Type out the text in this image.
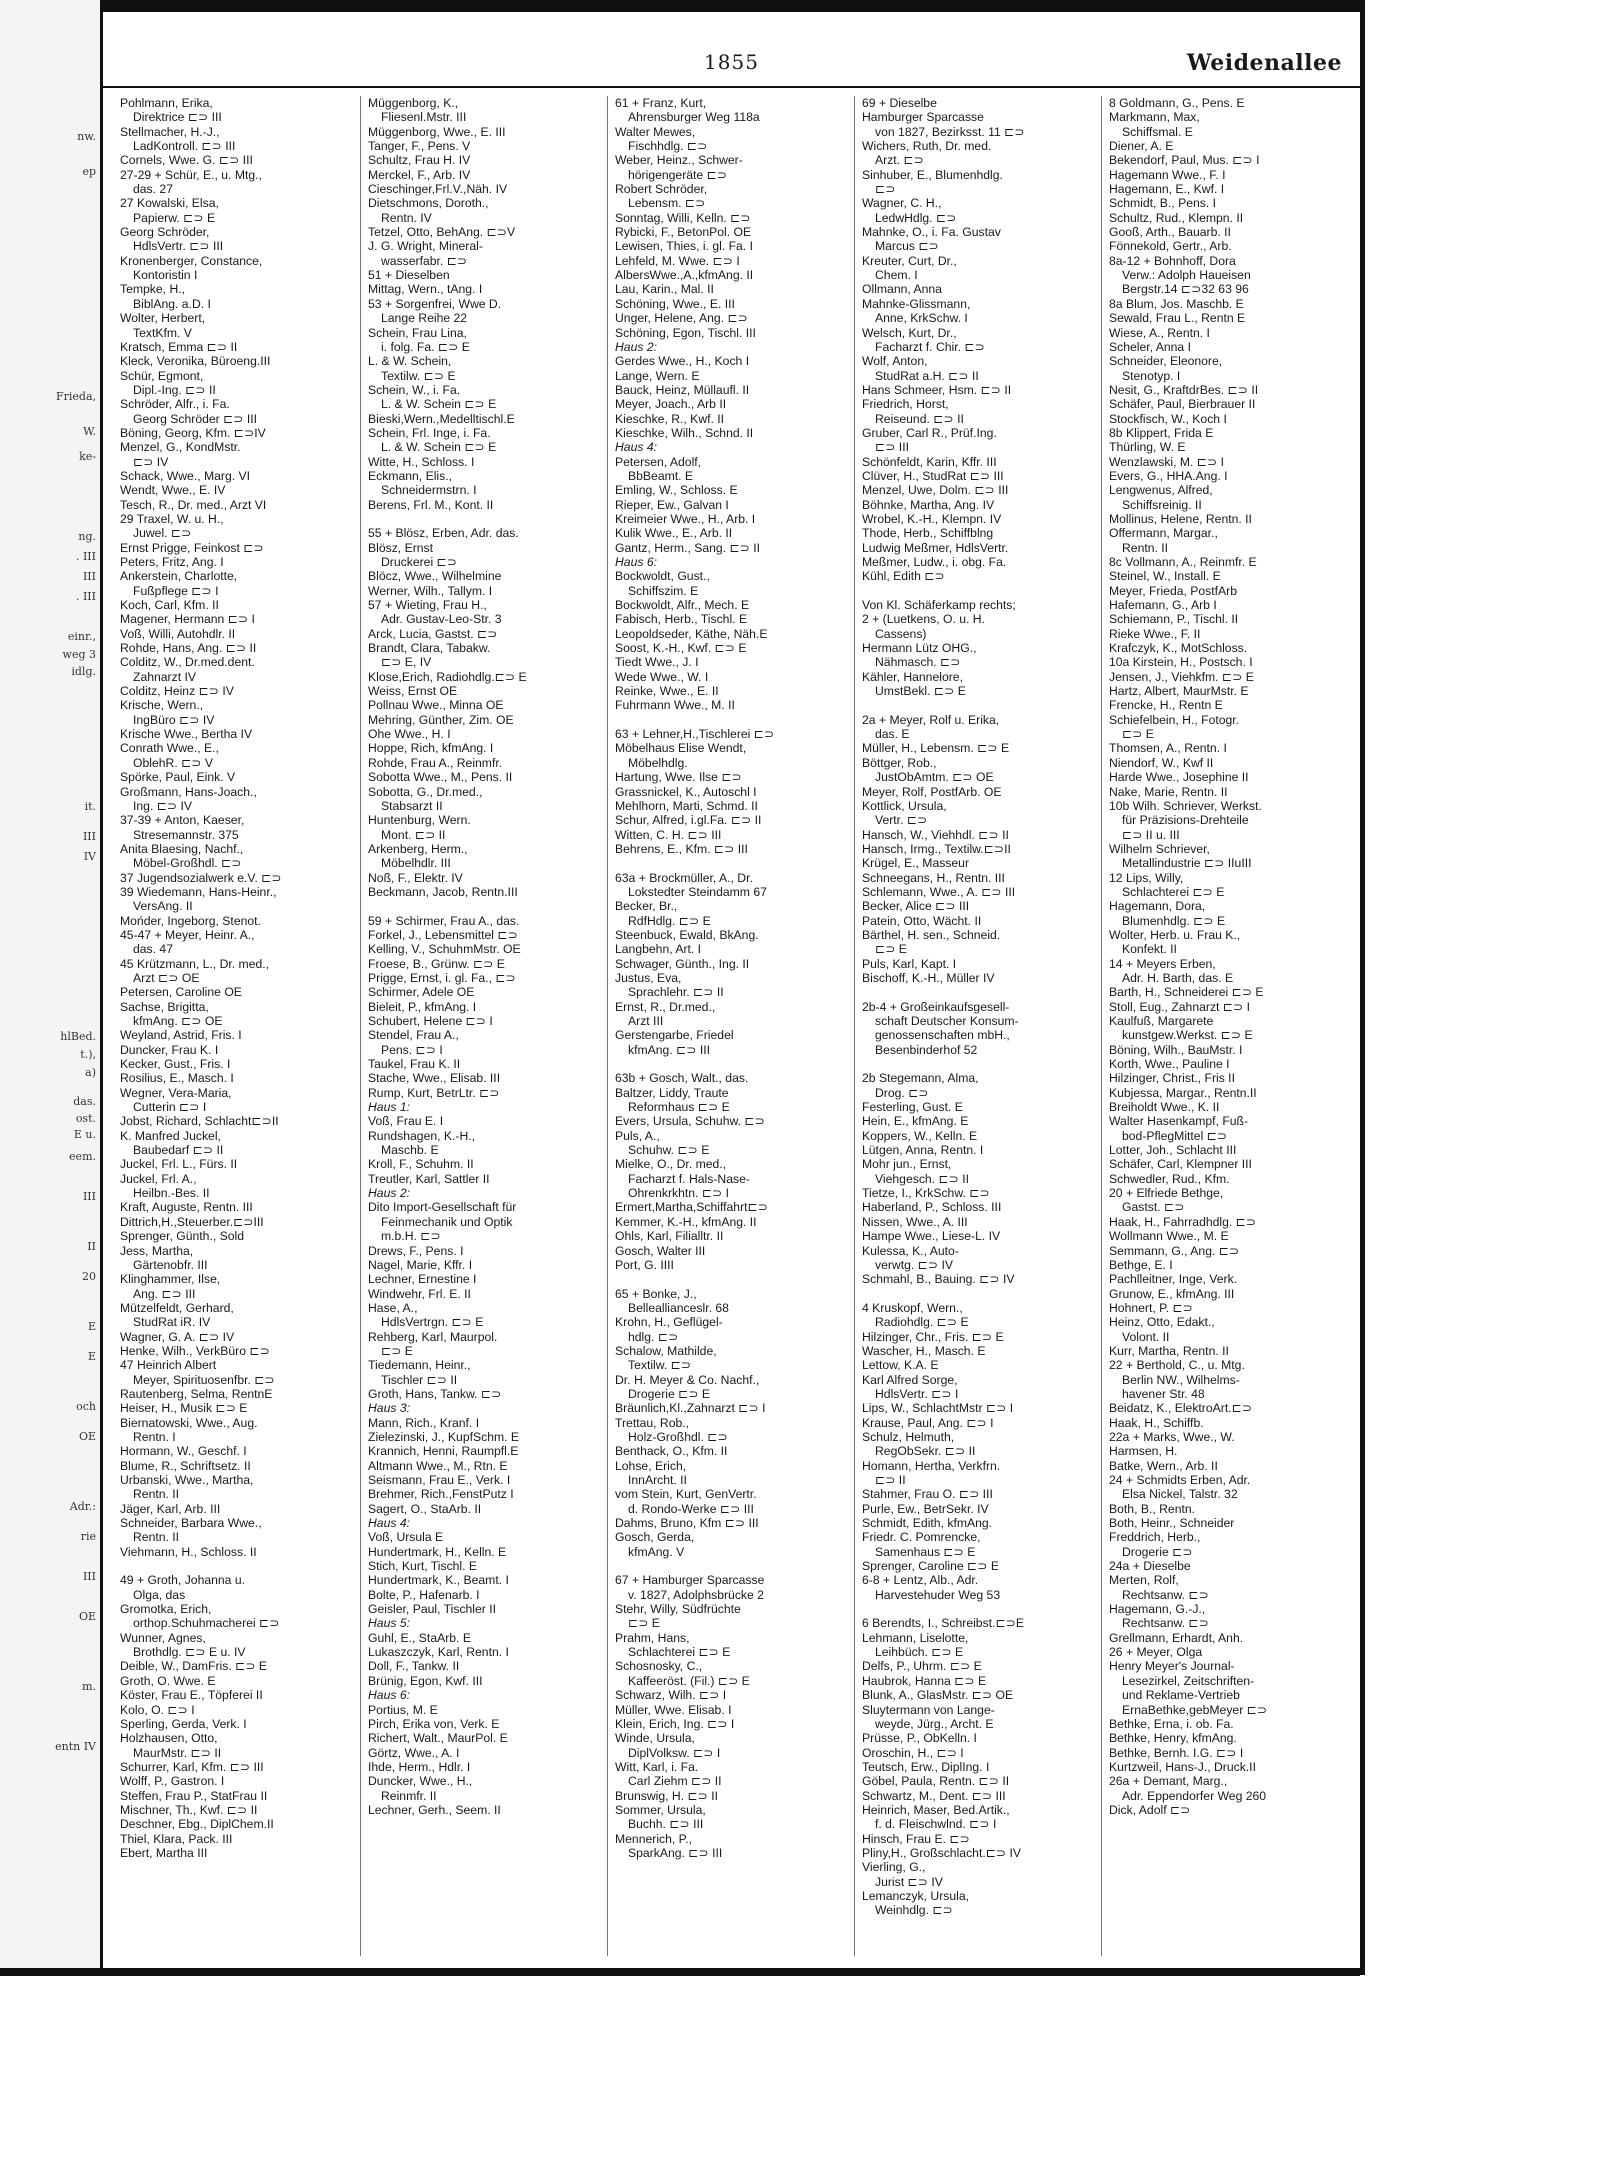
nw.
ep
Frieda,
W.
ke-
ng.
. III
III
. III
einr.,
weg 3
idlg.
it.
III
IV
hlBed.
t.),
a)
das.
ost.
E u.
eem.
III
II
20
E
E
och
OE
Adr.:
rie
III
OE
m.
entn IV
1855	Weidenallee
Pohlmann, Erika,
Direktrice ⊏⊃ III
Stellmacher, H.-J.,
LadKontroll. ⊏⊃ III
Cornels, Wwe. G. ⊏⊃ III
27-29 + Schür, E., u. Mtg.,
das. 27
27 Kowalski, Elsa,
Papierw. ⊏⊃ E
Georg Schröder,
HdlsVertr. ⊏⊃ III
Kronenberger, Constance,
Kontoristin I
Tempke, H.,
BiblAng. a.D. I
Wolter, Herbert,
TextKfm. V
Kratsch, Emma ⊏⊃ II
Kleck, Veronika, Büroeng.III
Schür, Egmont,
Dipl.-Ing. ⊏⊃ II
Schröder, Alfr., i. Fa.
Georg Schröder ⊏⊃ III
Böning, Georg, Kfm. ⊏⊃IV
Menzel, G., KondMstr.
⊏⊃ IV
Schack, Wwe., Marg. VI
Wendt, Wwe., E. IV
Tesch, R., Dr. med., Arzt VI
29 Traxel, W. u. H.,
Juwel. ⊏⊃
Ernst Prigge, Feinkost ⊏⊃
Peters, Fritz, Ang. I
Ankerstein, Charlotte,
Fußpflege ⊏⊃ I
Koch, Carl, Kfm. II
Magener, Hermann ⊏⊃ I
Voß, Willi, Autohdlr. II
Rohde, Hans, Ang. ⊏⊃ II
Colditz, W., Dr.med.dent.
Zahnarzt IV
Colditz, Heinz ⊏⊃ IV
Krische, Wern.,
IngBüro ⊏⊃ IV
Krische Wwe., Bertha IV
Conrath Wwe., E.,
OblehR. ⊏⊃ V
Spörke, Paul, Eink. V
Großmann, Hans-Joach.,
Ing. ⊏⊃ IV
37-39 + Anton, Kaeser,
Stresemannstr. 375
Anita Blaesing, Nachf.,
Möbel-Großhdl. ⊏⊃
37 Jugendsozialwerk e.V. ⊏⊃
39 Wiedemann, Hans-Heinr.,
VersAng. II
Mońder, Ingeborg, Stenot.
45-47 + Meyer, Heinr. A.,
das. 47
45 Krützmann, L., Dr. med.,
Arzt ⊏⊃ OE
Petersen, Caroline OE
Sachse, Brigitta,
kfmAng. ⊏⊃ OE
Weyland, Astrid, Fris. I
Duncker, Frau K. I
Kecker, Gust., Fris. I
Rosilius, E., Masch. I
Wegner, Vera-Maria,
Cutterin ⊏⊃ I
Jobst, Richard, Schlacht⊏⊃II
K. Manfred Juckel,
Baubedarf ⊏⊃ II
Juckel, Frl. L., Fürs. II
Juckel, Frl. A.,
Heilbn.-Bes. II
Kraft, Auguste, Rentn. III
Dittrich,H.,Steuerber.⊏⊃III
Sprenger, Günth., Sold
Jess, Martha,
Gärtenobfr. III
Klinghammer, Ilse,
Ang. ⊏⊃ III
Mützelfeldt, Gerhard,
StudRat iR. IV
Wagner, G. A. ⊏⊃ IV
Henke, Wilh., VerkBüro ⊏⊃
47 Heinrich Albert
Meyer, Spirituosenfbr. ⊏⊃
Rautenberg, Selma, RentnE
Heiser, H., Musik ⊏⊃ E
Biernatowski, Wwe., Aug.
Rentn. I
Hormann, W., Geschf. I
Blume, R., Schriftsetz. II
Urbanski, Wwe., Martha,
Rentn. II
Jäger, Karl, Arb. III
Schneider, Barbara Wwe.,
Rentn. II
Viehmann, H., Schloss. II

49 + Groth, Johanna u.
Olga, das
Gromotka, Erich,
orthop.Schuhmacherei ⊏⊃
Wunner, Agnes,
Brothdlg. ⊏⊃ E u. IV
Deible, W., DamFris. ⊏⊃ E
Groth, O. Wwe. E
Köster, Frau E., Töpferei II
Kolo, O. ⊏⊃ I
Sperling, Gerda, Verk. I
Holzhausen, Otto,
MaurMstr. ⊏⊃ II
Schurrer, Karl, Kfm. ⊏⊃ III
Wolff, P., Gastron. I
Steffen, Frau P., StatFrau II
Mischner, Th., Kwf. ⊏⊃ II
Deschner, Ebg., DiplChem.II
Thiel, Klara, Pack. III
Ebert, Martha III
Müggenborg, K.,
Fliesenl.Mstr. III
Müggenborg, Wwe., E. III
Tanger, F., Pens. V
Schultz, Frau H. IV
Merckel, F., Arb. IV
Cieschinger,Frl.V.,Näh. IV
Dietschmons, Doroth.,
Rentn. IV
Tetzel, Otto, BehAng. ⊏⊃V
J. G. Wright, Mineral-
wasserfabr. ⊏⊃
51 + Dieselben
Mittag, Wern., tAng. I
53 + Sorgenfrei, Wwe D.
Lange Reihe 22
Schein, Frau Lina,
i. folg. Fa. ⊏⊃ E
L. & W. Schein,
Textilw. ⊏⊃ E
Schein, W., i. Fa.
L. & W. Schein ⊏⊃ E
Bieski,Wern.,Medelltischl.E
Schein, Frl. Inge, i. Fa.
L. & W. Schein ⊏⊃ E
Witte, H., Schloss. I
Eckmann, Elis.,
Schneidermstrn. I
Berens, Frl. M., Kont. II

55 + Blösz, Erben, Adr. das.
Blösz, Ernst
Druckerei ⊏⊃
Blöcz, Wwe., Wilhelmine
Werner, Wilh., Tallym. I
57 + Wieting, Frau H.,
Adr. Gustav-Leo-Str. 3
Arck, Lucia, Gastst. ⊏⊃
Brandt, Clara, Tabakw.
⊏⊃ E, IV
Klose,Erich, Radiohdlg.⊏⊃ E
Weiss, Ernst OE
Pollnau Wwe., Minna OE
Mehring, Günther, Zim. OE
Ohe Wwe., H. I
Hoppe, Rich, kfmAng. I
Rohde, Frau A., Reinmfr.
Sobotta Wwe., M., Pens. II
Sobotta, G., Dr.med.,
Stabsarzt II
Huntenburg, Wern.
Mont. ⊏⊃ II
Arkenberg, Herm.,
Möbelhdlr. III
Noß, F., Elektr. IV
Beckmann, Jacob, Rentn.III

59 + Schirmer, Frau A., das.
Forkel, J., Lebensmittel ⊏⊃
Kelling, V., SchuhmMstr. OE
Froese, B., Grünw. ⊏⊃ E
Prigge, Ernst, i. gl. Fa., ⊏⊃
Schirmer, Adele OE
Bieleit, P., kfmAng. I
Schubert, Helene ⊏⊃ I
Stendel, Frau A.,
Pens. ⊏⊃ I
Taukel, Frau K. II
Stache, Wwe., Elisab. III
Rump, Kurt, BetrLtr. ⊏⊃
Haus 1:
Voß, Frau E. I
Rundshagen, K.-H.,
Maschb. E
Kroll, F., Schuhm. II
Treutler, Karl, Sattler II
Haus 2:
Dito Import-Gesellschaft für
Feinmechanik und Optik
m.b.H. ⊏⊃
Drews, F., Pens. I
Nagel, Marie, Kffr. I
Lechner, Ernestine I
Windwehr, Frl. E. II
Hase, A.,
HdlsVertrgn. ⊏⊃ E
Rehberg, Karl, Maurpol.
⊏⊃ E
Tiedemann, Heinr.,
Tischler ⊏⊃ II
Groth, Hans, Tankw. ⊏⊃
Haus 3:
Mann, Rich., Kranf. I
Zielezinski, J., KupfSchm. E
Krannich, Henni, Raumpfl.E
Altmann Wwe., M., Rtn. E
Seismann, Frau E., Verk. I
Brehmer, Rich.,FenstPutz I
Sagert, O., StaArb. II
Haus 4:
Voß, Ursula E
Hundertmark, H., Kelln. E
Stich, Kurt, Tischl. E
Hundertmark, K., Beamt. I
Bolte, P., Hafenarb. I
Geisler, Paul, Tischler II
Haus 5:
Guhl, E., StaArb. E
Lukaszczyk, Karl, Rentn. I
Doll, F., Tankw. II
Brünig, Egon, Kwf. III
Haus 6:
Portius, M. E
Pirch, Erika von, Verk. E
Richert, Walt., MaurPol. E
Görtz, Wwe., A. I
Ihde, Herm., Hdlr. I
Duncker, Wwe., H.,
Reinmfr. II
Lechner, Gerh., Seem. II
61 + Franz, Kurt,
Ahrensburger Weg 118a
Walter Mewes,
Fischhdlg. ⊏⊃
Weber, Heinz., Schwer-
hörigengeräte ⊏⊃
Robert Schröder,
Lebensm. ⊏⊃
Sonntag, Willi, Kelln. ⊏⊃
Rybicki, F., BetonPol. OE
Lewisen, Thies, i. gl. Fa. I
Lehfeld, M. Wwe. ⊏⊃ I
AlbersWwe.,A.,kfmAng. II
Lau, Karin., Mal. II
Schöning, Wwe., E. III
Unger, Helene, Ang. ⊏⊃
Schöning, Egon, Tischl. III
Haus 2:
Gerdes Wwe., H., Koch I
Lange, Wern. E
Bauck, Heinz, Müllaufl. II
Meyer, Joach., Arb II
Kieschke, R., Kwf. II
Kieschke, Wilh., Schnd. II
Haus 4:
Petersen, Adolf,
BbBeamt. E
Emling, W., Schloss. E
Rieper, Ew., Galvan I
Kreimeier Wwe., H., Arb. I
Kulik Wwe., E., Arb. II
Gantz, Herm., Sang. ⊏⊃ II
Haus 6:
Bockwoldt, Gust.,
Schiffszim. E
Bockwoldt, Alfr., Mech. E
Fabisch, Herb., Tischl. E
Leopoldseder, Käthe, Näh.E
Soost, K.-H., Kwf. ⊏⊃ E
Tiedt Wwe., J. I
Wede Wwe., W. I
Reinke, Wwe., E. II
Fuhrmann Wwe., M. II

63 + Lehner,H.,Tischlerei ⊏⊃
Möbelhaus Elise Wendt,
Möbelhdlg.
Hartung, Wwe. Ilse ⊏⊃
Grassnickel, K., Autoschl I
Mehlhorn, Marti, Schmd. II
Schur, Alfred, i.gl.Fa. ⊏⊃ II
Witten, C. H. ⊏⊃ III
Behrens, E., Kfm. ⊏⊃ III

63a + Brockmüller, A., Dr.
Lokstedter Steindamm 67
Becker, Br.,
RdfHdlg. ⊏⊃ E
Steenbuck, Ewald, BkAng.
Langbehn, Art. I
Schwager, Günth., Ing. II
Justus, Eva,
Sprachlehr. ⊏⊃ II
Ernst, R., Dr.med.,
Arzt III
Gerstengarbe, Friedel
kfmAng. ⊏⊃ III

63b + Gosch, Walt., das.
Baltzer, Liddy, Traute
Reformhaus ⊏⊃ E
Evers, Ursula, Schuhw. ⊏⊃
Puls, A.,
Schuhw. ⊏⊃ E
Mielke, O., Dr. med.,
Facharzt f. Hals-Nase-
Ohrenkrkhtn. ⊏⊃ I
Ermert,Martha,Schiffahrt⊏⊃
Kemmer, K.-H., kfmAng. II
Ohls, Karl, Filialltr. II
Gosch, Walter III
Port, G. IIII

65 + Bonke, J.,
Belleallianceslr. 68
Krohn, H., Geflügel-
hdlg. ⊏⊃
Schalow, Mathilde,
Textilw. ⊏⊃
Dr. H. Meyer & Co. Nachf.,
Drogerie ⊏⊃ E
Bräunlich,Kl.,Zahnarzt ⊏⊃ I
Trettau, Rob.,
Holz-Großhdl. ⊏⊃
Benthack, O., Kfm. II
Lohse, Erich,
InnArcht. II
vom Stein, Kurt, GenVertr.
d. Rondo-Werke ⊏⊃ III
Dahms, Bruno, Kfm ⊏⊃ III
Gosch, Gerda,
kfmAng. V

67 + Hamburger Sparcasse
v. 1827, Adolphsbrücke 2
Stehr, Willy, Südfrüchte
⊏⊃ E
Prahm, Hans,
Schlachterei ⊏⊃ E
Schosnosky, C.,
Kaffeeröst. (Fil.) ⊏⊃ E
Schwarz, Wilh. ⊏⊃ I
Müller, Wwe. Elisab. I
Klein, Erich, Ing. ⊏⊃ I
Winde, Ursula,
DiplVolksw. ⊏⊃ I
Witt, Karl, i. Fa.
Carl Ziehm ⊏⊃ II
Brunswig, H. ⊏⊃ II
Sommer, Ursula,
Buchh. ⊏⊃ III
Mennerich, P.,
SparkAng. ⊏⊃ III
69 + Dieselbe
Hamburger Sparcasse
von 1827, Bezirksst. 11 ⊏⊃
Wichers, Ruth, Dr. med.
Arzt. ⊏⊃
Sinhuber, E., Blumenhdlg.
⊏⊃
Wagner, C. H.,
LedwHdlg. ⊏⊃
Mahnke, O., i. Fa. Gustav
Marcus ⊏⊃
Kreuter, Curt, Dr.,
Chem. I
Ollmann, Anna
Mahnke-Glissmann,
Anne, KrkSchw. I
Welsch, Kurt, Dr.,
Facharzt f. Chir. ⊏⊃
Wolf, Anton,
StudRat a.H. ⊏⊃ II
Hans Schmeer, Hsm. ⊏⊃ II
Friedrich, Horst,
Reiseund. ⊏⊃ II
Gruber, Carl R., Prüf.Ing.
⊏⊃ III
Schönfeldt, Karin, Kffr. III
Clüver, H., StudRat ⊏⊃ III
Menzel, Uwe, Dolm. ⊏⊃ III
Böhnke, Martha, Ang. IV
Wrobel, K.-H., Klempn. IV
Thode, Herb., Schiffblng
Ludwig Meßmer, HdlsVertr.
Meßmer, Ludw., i. obg. Fa.
Kühl, Edith ⊏⊃

Von Kl. Schäferkamp rechts;
2 + (Luetkens, O. u. H.
Cassens)
Hermann Lütz OHG.,
Nähmasch. ⊏⊃
Kähler, Hannelore,
UmstBekl. ⊏⊃ E

2a + Meyer, Rolf u. Erika,
das. E
Müller, H., Lebensm. ⊏⊃ E
Böttger, Rob.,
JustObAmtm. ⊏⊃ OE
Meyer, Rolf, PostfArb. OE
Kottlick, Ursula,
Vertr. ⊏⊃
Hansch, W., Viehhdl. ⊏⊃ II
Hansch, Irmg., Textilw.⊏⊃II
Krügel, E., Masseur
Schneegans, H., Rentn. III
Schlemann, Wwe., A. ⊏⊃ III
Becker, Alice ⊏⊃ III
Patein, Otto, Wächt. II
Bärthel, H. sen., Schneid.
⊏⊃ E
Puls, Karl, Kapt. I
Bischoff, K.-H., Müller IV

2b-4 + Großeinkaufsgesell-
schaft Deutscher Konsum-
genossenschaften mbH.,
Besenbinderhof 52

2b Stegemann, Alma,
Drog. ⊏⊃
Festerling, Gust. E
Hein, E., kfmAng. E
Koppers, W., Kelln. E
Lütgen, Anna, Rentn. I
Mohr jun., Ernst,
Viehgesch. ⊏⊃ II
Tietze, I., KrkSchw. ⊏⊃
Haberland, P., Schloss. III
Nissen, Wwe., A. III
Hampe Wwe., Liese-L. IV
Kulessa, K., Auto-
verwtg. ⊏⊃ IV
Schmahl, B., Bauing. ⊏⊃ IV

4 Kruskopf, Wern.,
Radiohdlg. ⊏⊃ E
Hilzinger, Chr., Fris. ⊏⊃ E
Wascher, H., Masch. E
Lettow, K.A. E
Karl Alfred Sorge,
HdlsVertr. ⊏⊃ I
Lips, W., SchlachtMstr ⊏⊃ I
Krause, Paul, Ang. ⊏⊃ I
Schulz, Helmuth,
RegObSekr. ⊏⊃ II
Homann, Hertha, Verkfrn.
⊏⊃ II
Stahmer, Frau O. ⊏⊃ III
Purle, Ew., BetrSekr. IV
Schmidt, Edith, kfmAng.
Friedr. C. Pomrencke,
Samenhaus ⊏⊃ E
Sprenger, Caroline ⊏⊃ E
6-8 + Lentz, Alb., Adr.
Harvestehuder Weg 53

6 Berendts, I., Schreibst.⊏⊃E
Lehmann, Liselotte,
Leihbüch. ⊏⊃ E
Delfs, P., Uhrm. ⊏⊃ E
Haubrok, Hanna ⊏⊃ E
Blunk, A., GlasMstr. ⊏⊃ OE
Sluytermann von Lange-
weyde, Jürg., Archt. E
Prüsse, P., ObKelln. I
Oroschin, H., ⊏⊃ I
Teutsch, Erw., DiplIng. I
Göbel, Paula, Rentn. ⊏⊃ II
Schwartz, M., Dent. ⊏⊃ III
Heinrich, Maser, Bed.Artik.,
f. d. Fleischwlnd. ⊏⊃ I
Hinsch, Frau E. ⊏⊃
Pliny,H., Großschlacht.⊏⊃ IV
Vierling, G.,
Jurist ⊏⊃ IV
Lemanczyk, Ursula,
Weinhdlg. ⊏⊃
8 Goldmann, G., Pens. E
Markmann, Max,
Schiffsmal. E
Diener, A. E
Bekendorf, Paul, Mus. ⊏⊃ I
Hagemann Wwe., F. I
Hagemann, E., Kwf. I
Schmidt, B., Pens. I
Schultz, Rud., Klempn. II
Gooß, Arth., Bauarb. II
Fönnekold, Gertr., Arb.
8a-12 + Bohnhoff, Dora
Verw.: Adolph Haueisen
Bergstr.14 ⊏⊃32 63 96
8a Blum, Jos. Maschb. E
Sewald, Frau L., Rentn E
Wiese, A., Rentn. I
Scheler, Anna I
Schneider, Eleonore,
Stenotyp. I
Nesit, G., KraftdrBes. ⊏⊃ II
Schäfer, Paul, Bierbrauer II
Stockfisch, W., Koch I
8b Klippert, Frida E
Thürling, W. E
Wenzlawski, M. ⊏⊃ I
Evers, G., HHA.Ang. I
Lengwenus, Alfred,
Schiffsreinig. II
Mollinus, Helene, Rentn. II
Offermann, Margar.,
Rentn. II
8c Vollmann, A., Reinmfr. E
Steinel, W., Install. E
Meyer, Frieda, PostfArb
Hafemann, G., Arb I
Schiemann, P., Tischl. II
Rieke Wwe., F. II
Krafczyk, K., MotSchloss.
10a Kirstein, H., Postsch. I
Jensen, J., Viehkfm. ⊏⊃ E
Hartz, Albert, MaurMstr. E
Frencke, H., Rentn E
Schiefelbein, H., Fotogr.
⊏⊃ E
Thomsen, A., Rentn. I
Niendorf, W., Kwf II
Harde Wwe., Josephine II
Nake, Marie, Rentn. II
10b Wilh. Schriever, Werkst.
für Präzisions-Drehteile
⊏⊃ II u. III
Wilhelm Schriever,
Metallindustrie ⊏⊃ IIuIII
12 Lips, Willy,
Schlachterei ⊏⊃ E
Hagemann, Dora,
Blumenhdlg. ⊏⊃ E
Wolter, Herb. u. Frau K.,
Konfekt. II
14 + Meyers Erben,
Adr. H. Barth, das. E
Barth, H., Schneiderei ⊏⊃ E
Stoll, Eug., Zahnarzt ⊏⊃ I
Kaulfuß, Margarete
kunstgew.Werkst. ⊏⊃ E
Böning, Wilh., BauMstr. I
Korth, Wwe., Pauline I
Hilzinger, Christ., Fris II
Kubjessa, Margar., Rentn.II
Breiholdt Wwe., K. II
Walter Hasenkampf, Fuß-
bod-PflegMittel ⊏⊃
Lotter, Joh., Schlacht III
Schäfer, Carl, Klempner III
Schwedler, Rud., Kfm.
20 + Elfriede Bethge,
Gastst. ⊏⊃
Haak, H., Fahrradhdlg. ⊏⊃
Wollmann Wwe., M. E
Semmann, G., Ang. ⊏⊃
Bethge, E. I
Pachlleitner, Inge, Verk.
Grunow, E., kfmAng. III
Hohnert, P. ⊏⊃
Heinz, Otto, Edakt.,
Volont. II
Kurr, Martha, Rentn. II
22 + Berthold, C., u. Mtg.
Berlin NW., Wilhelms-
havener Str. 48
Beidatz, K., ElektroArt.⊏⊃
Haak, H., Schiffb.
22a + Marks, Wwe., W.
Harmsen, H.
Batke, Wern., Arb. II
24 + Schmidts Erben, Adr.
Elsa Nickel, Talstr. 32
Both, B., Rentn.
Both, Heinr., Schneider
Freddrich, Herb.,
Drogerie ⊏⊃
24a + Dieselbe
Merten, Rolf,
Rechtsanw. ⊏⊃
Hagemann, G.-J.,
Rechtsanw. ⊏⊃
Grellmann, Erhardt, Anh.
26 + Meyer, Olga
Henry Meyer's Journal-
Lesezirkel, Zeitschriften-
und Reklame-Vertrieb
ErnaBethke,gebMeyer ⊏⊃
Bethke, Erna, i. ob. Fa.
Bethke, Henry, kfmAng.
Bethke, Bernh. I.G. ⊏⊃ I
Kurtzweil, Hans-J., Druck.II
26a + Demant, Marg.,
Adr. Eppendorfer Weg 260
Dick, Adolf ⊏⊃
